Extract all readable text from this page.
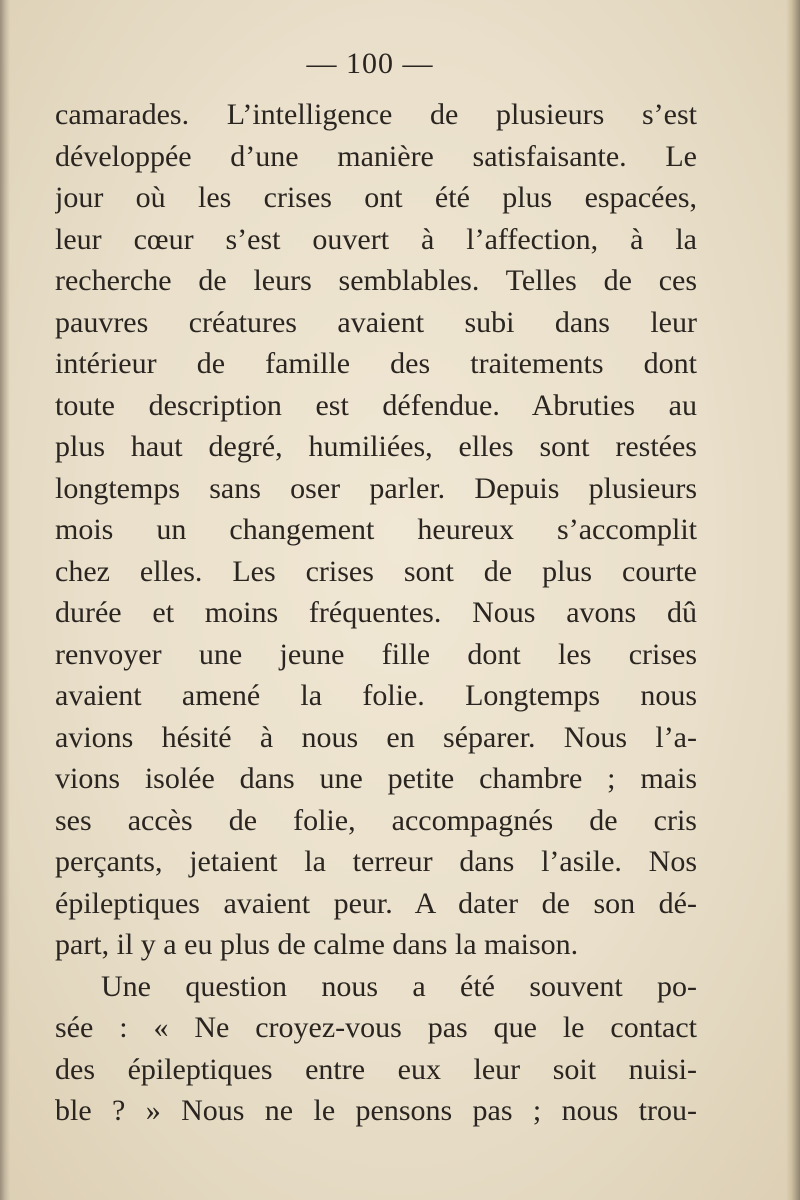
— 100 —
camarades. L’intelligence de plusieurs s’est
développée d’une manière satisfaisante. Le
jour où les crises ont été plus espacées,
leur cœur s’est ouvert à l’affection, à la
recherche de leurs semblables. Telles de ces
pauvres créatures avaient subi dans leur
intérieur de famille des traitements dont
toute description est défendue. Abruties au
plus haut degré, humiliées, elles sont restées
longtemps sans oser parler. Depuis plusieurs
mois un changement heureux s’accomplit
chez elles. Les crises sont de plus courte
durée et moins fréquentes. Nous avons dû
renvoyer une jeune fille dont les crises
avaient amené la folie. Longtemps nous
avions hésité à nous en séparer. Nous l’a-
vions isolée dans une petite chambre ; mais
ses accès de folie, accompagnés de cris
perçants, jetaient la terreur dans l’asile. Nos
épileptiques avaient peur. A dater de son dé-
part, il y a eu plus de calme dans la maison.
Une question nous a été souvent po-
sée : « Ne croyez-vous pas que le contact
des épileptiques entre eux leur soit nuisi-
ble ? » Nous ne le pensons pas ; nous trou-
